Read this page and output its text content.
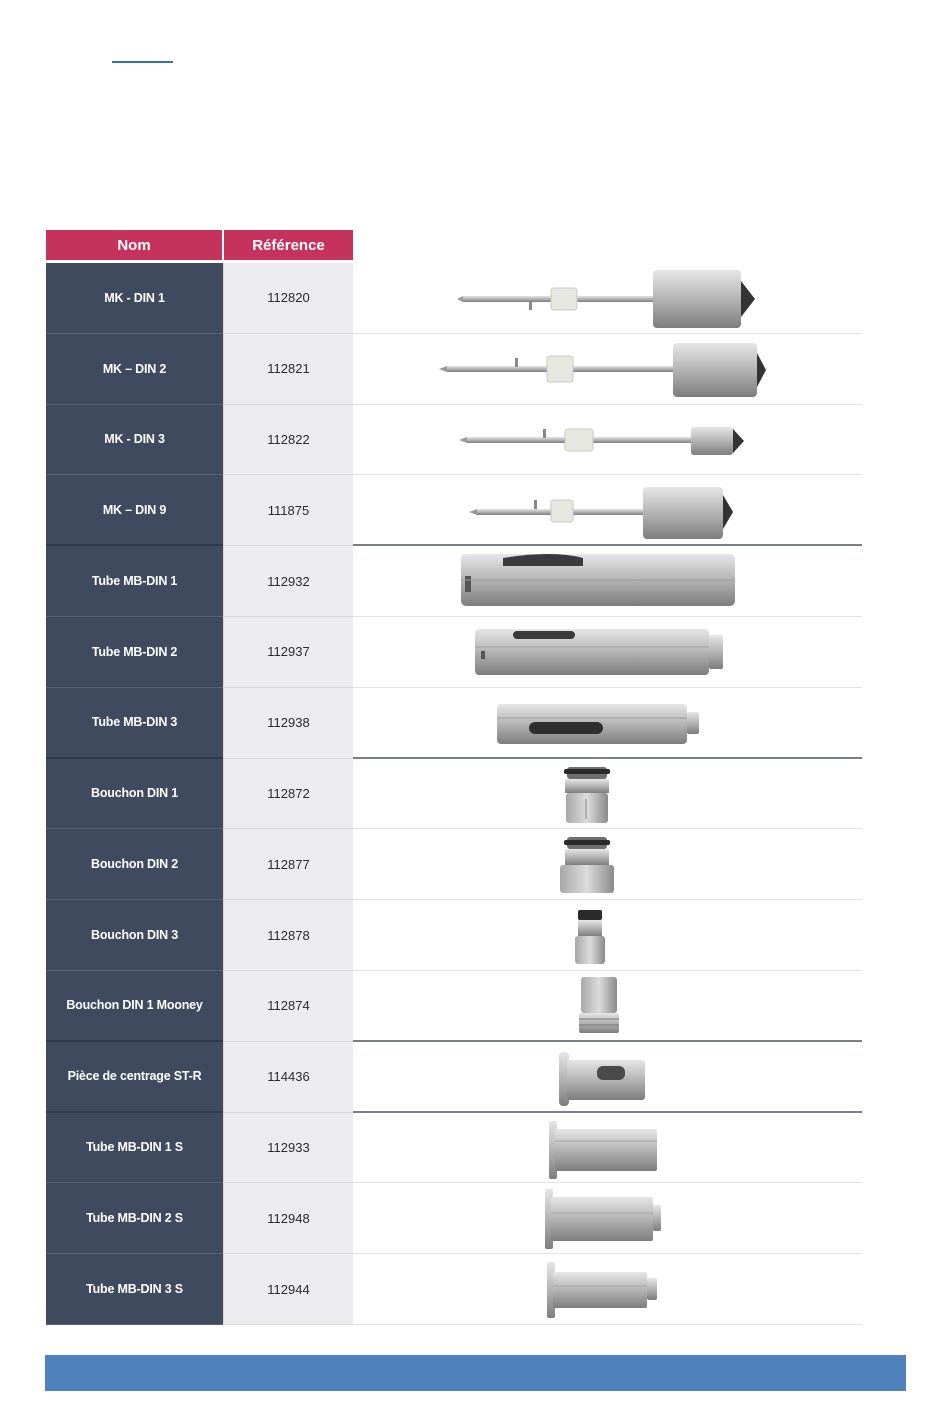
Nom	Référence
MK - DIN 1	112820
MK – DIN 2	112821
MK - DIN 3	112822
MK – DIN 9	111875
Tube MB-DIN 1	112932
Tube MB-DIN 2	112937
Tube MB-DIN 3	112938
Bouchon DIN 1	112872
Bouchon DIN 2	112877
Bouchon DIN 3	112878
Bouchon DIN 1 Mooney	112874
Pièce de centrage ST-R	114436
Tube MB-DIN 1 S	112933
Tube MB-DIN 2 S	112948
Tube MB-DIN 3 S	112944
